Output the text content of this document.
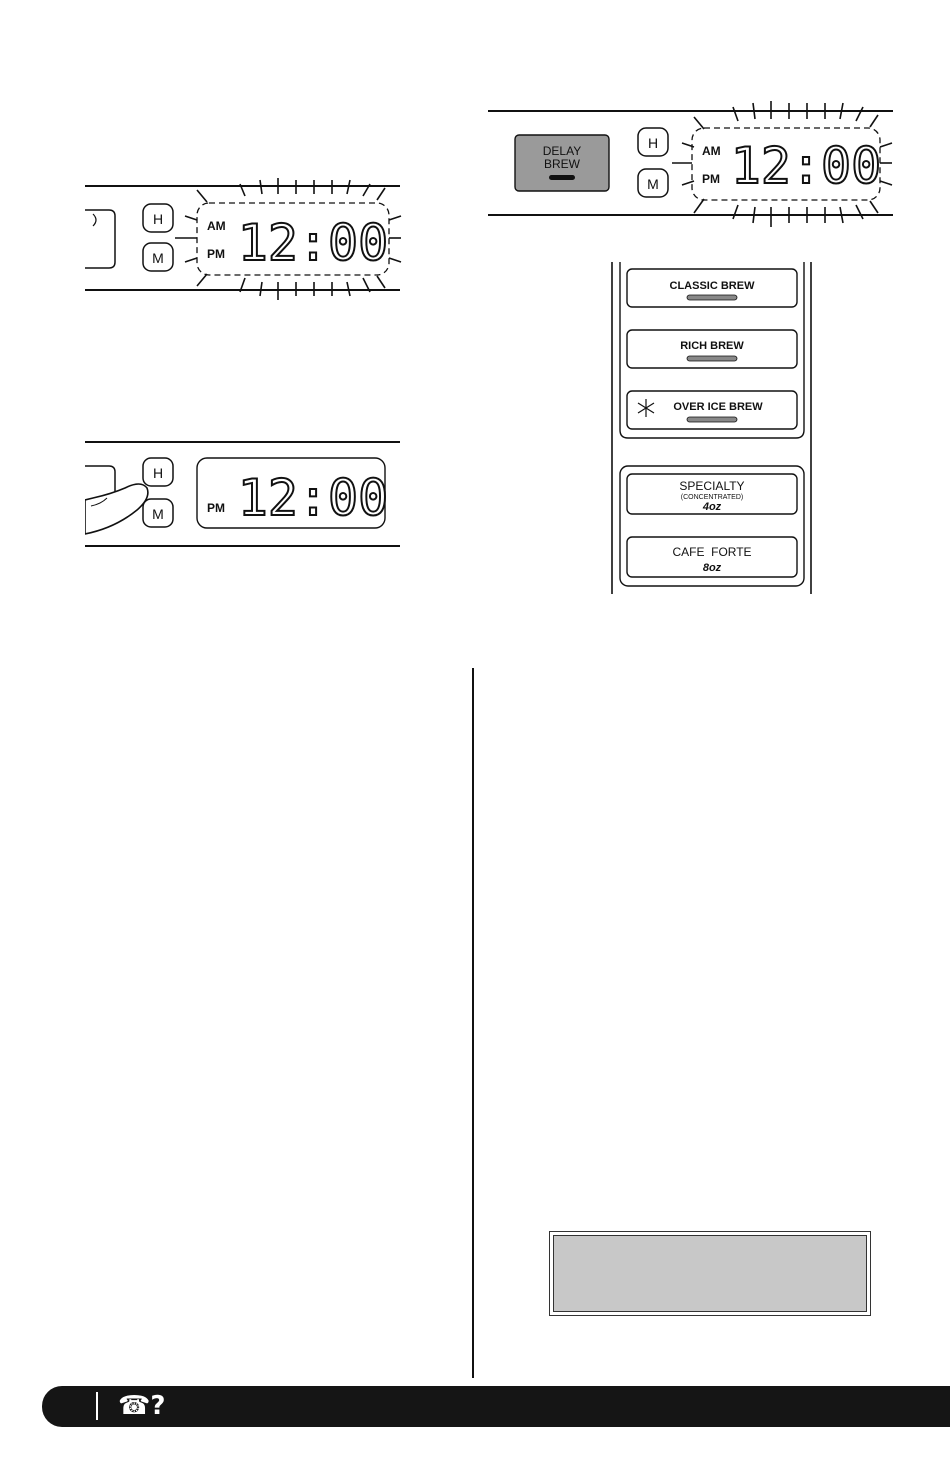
H
M
AM
PM 12:00
H
M	PM 12:00
DELAY
BREW
H
M
AM
PM 12:00
CLASSIC BREW
RICH BREW
OVER ICE BREW
SPECIALTY
(CONCENTRATED)
4oz
CAFE  FORTE
8oz
☎?
